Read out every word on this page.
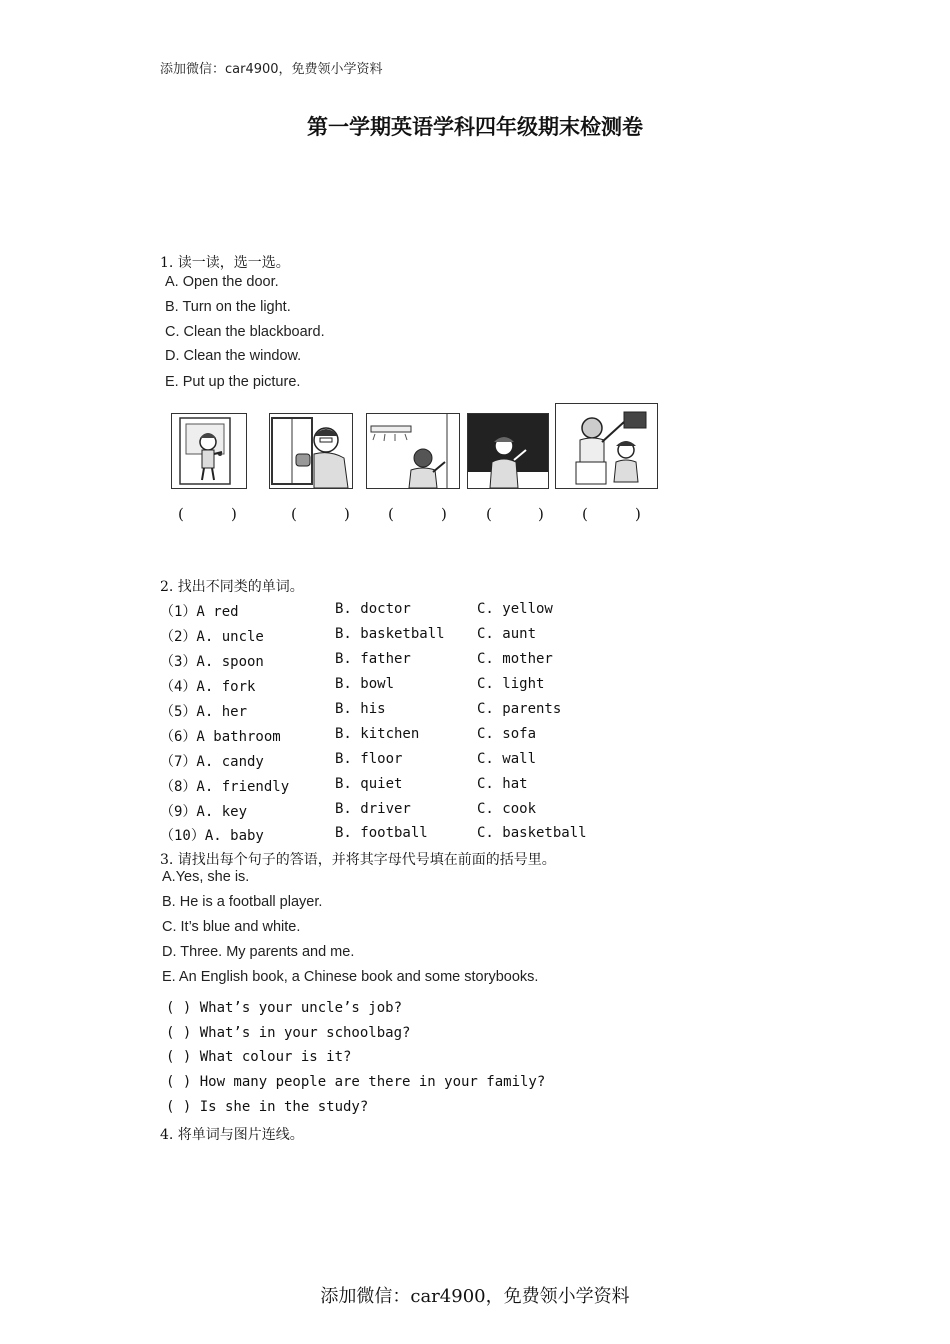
添加微信：car4900，免费领小学资料
第一学期英语学科四年级期末检测卷
1. 读一读，选一选。
A. Open the door.
B. Turn on the light.
C. Clean the blackboard.
D. Clean the window.
E. Put up the picture.
(	)	(	)	(	)	(	)	(	)
2. 找出不同类的单词。
（1）A red	B. doctor	C. yellow
（2）A. uncle	B. basketball C. aunt
（3）A. spoon	B. father	C. mother
（4）A. fork	B. bowl	C. light
（5）A. her	B. his	C. parents
（6）A bathroom	B. kitchen	C. sofa
（7）A. candy	B. floor	C. wall
（8）A. friendly	B. quiet	C. hat
（9）A. key	B. driver	C. cook
（10）A. baby	B. football	C. basketball
3. 请找出每个句子的答语，并将其字母代号填在前面的括号里。
A.Yes, she is.
B. He is a football player.
C. It’s blue and white.
D. Three. My parents and me.
E. An English book, a Chinese book and some storybooks.
( ) What’s your uncle’s job?
( ) What’s in your schoolbag?
( ) What colour is it?
( ) How many people are there in your family?
( ) Is she in the study?
4. 将单词与图片连线。
添加微信：car4900，免费领小学资料
